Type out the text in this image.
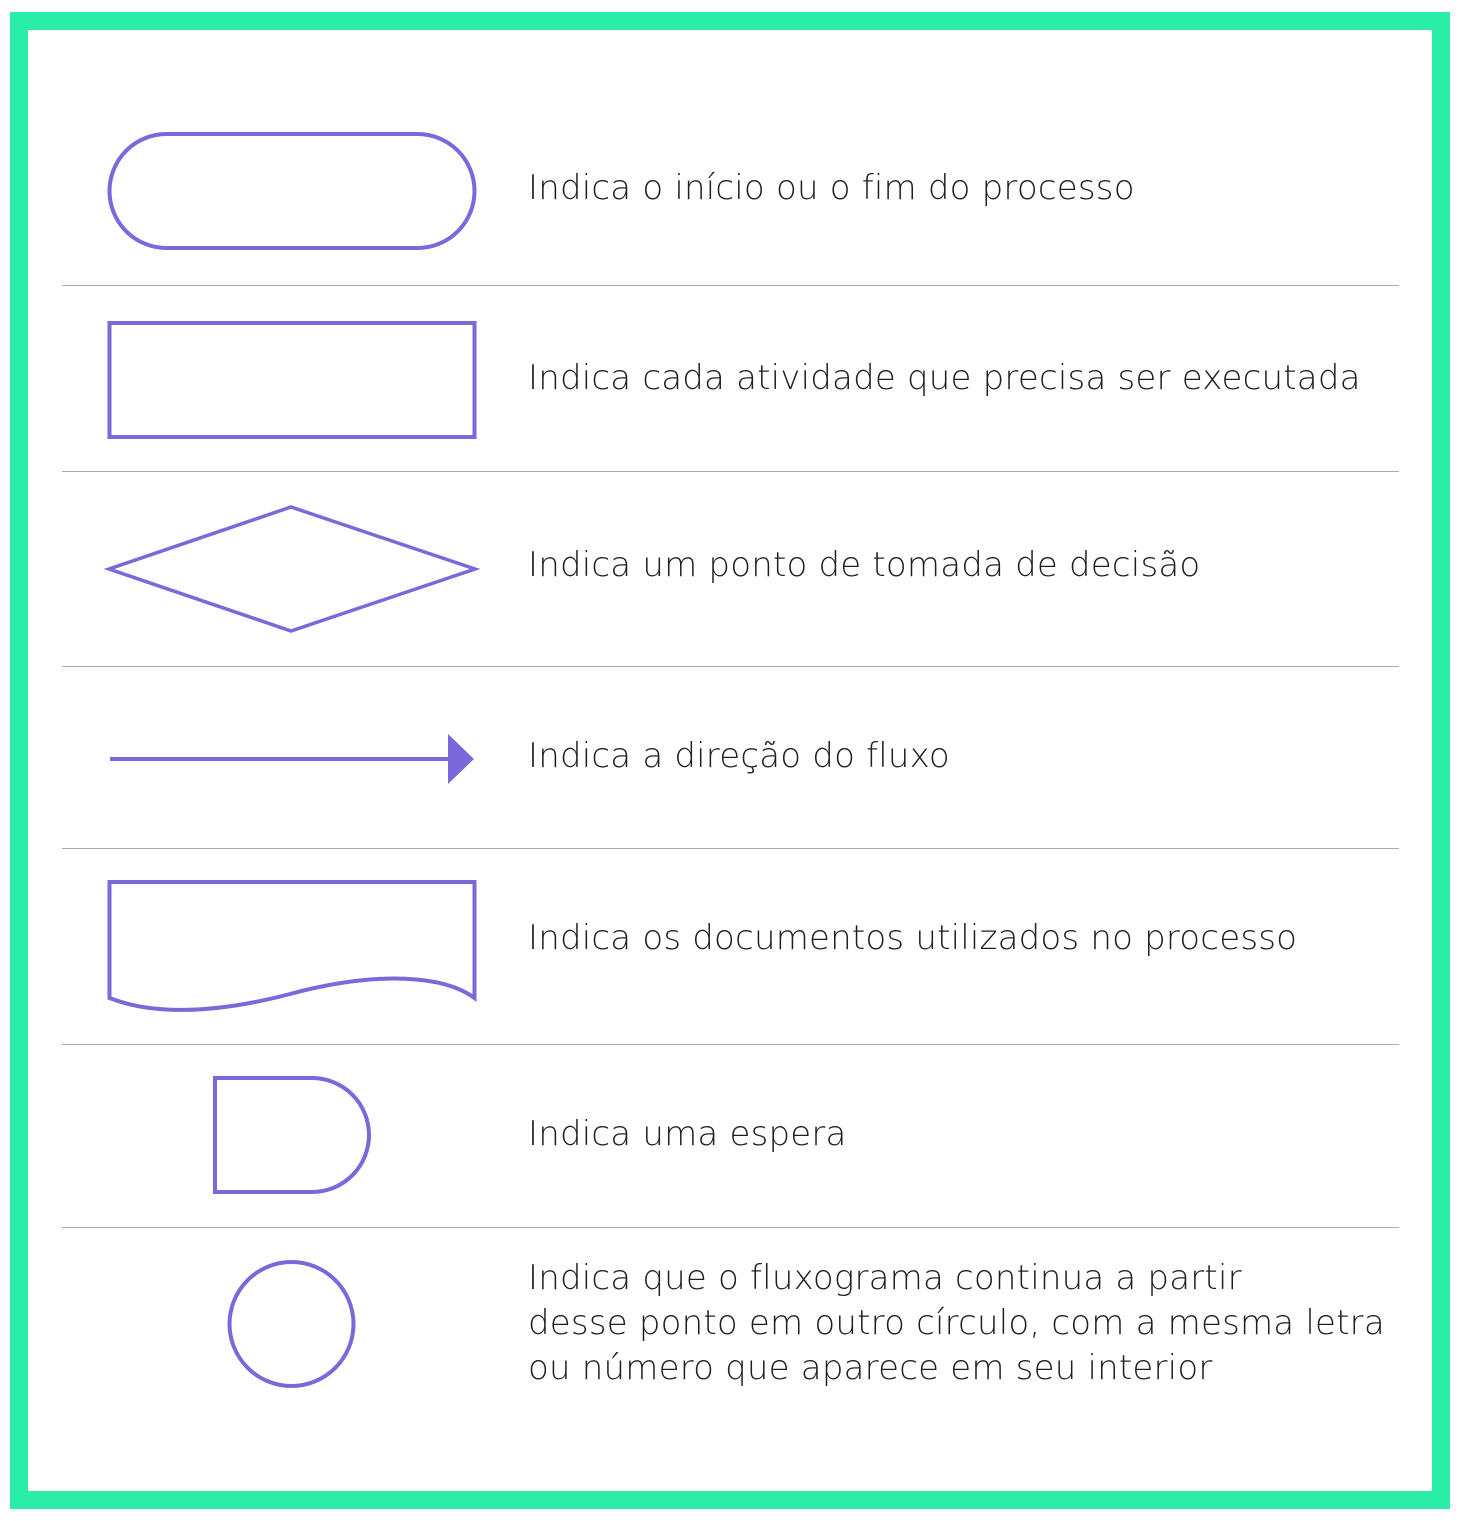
Indica o início ou o fim do processo

Indica cada atividade que precisa ser executada

Indica um ponto de tomada de decisão

Indica a direção do fluxo

Indica os documentos utilizados no processo

Indica uma espera

Indica que o fluxograma continua a partir
desse ponto em outro círculo, com a mesma letra
ou número que aparece em seu interior
